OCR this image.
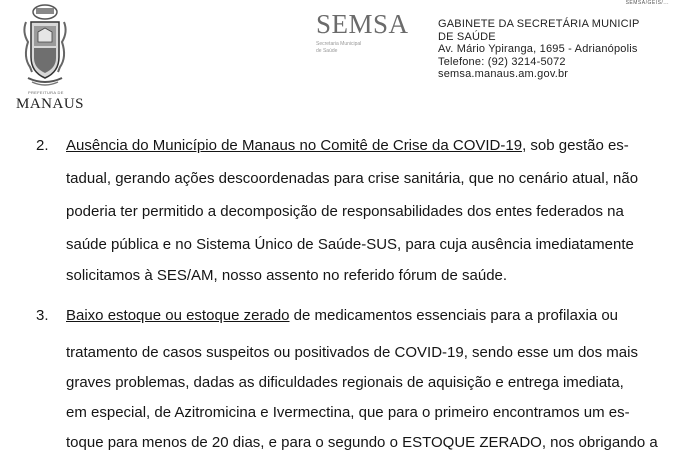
SEMSA/GEIS/...
PREFEITURA DE
MANAUS
SEMSA
Secretaria Municipal
de Saúde
GABINETE DA SECRETÁRIA MUNICIP
DE SAÚDE
Av. Mário Ypiranga, 1695 - Adrianópolis
Telefone: (92) 3214-5072
semsa.manaus.am.gov.br
2. Ausência do Município de Manaus no Comitê de Crise da COVID-19, sob gestão es-
tadual, gerando ações descoordenadas para crise sanitária, que no cenário atual, não
poderia ter permitido a decomposição de responsabilidades dos entes federados na
saúde pública e no Sistema Único de Saúde-SUS, para cuja ausência imediatamente
solicitamos à SES/AM, nosso assento no referido fórum de saúde.
3. Baixo estoque ou estoque zerado de medicamentos essenciais para a profilaxia ou
tratamento de casos suspeitos ou positivados de COVID-19, sendo esse um dos mais
graves problemas, dadas as dificuldades regionais de aquisição e entrega imediata,
em especial, de Azitromicina e Ivermectina, que para o primeiro encontramos um es-
toque para menos de 20 dias, e para o segundo o ESTOQUE ZERADO, nos obrigando a
